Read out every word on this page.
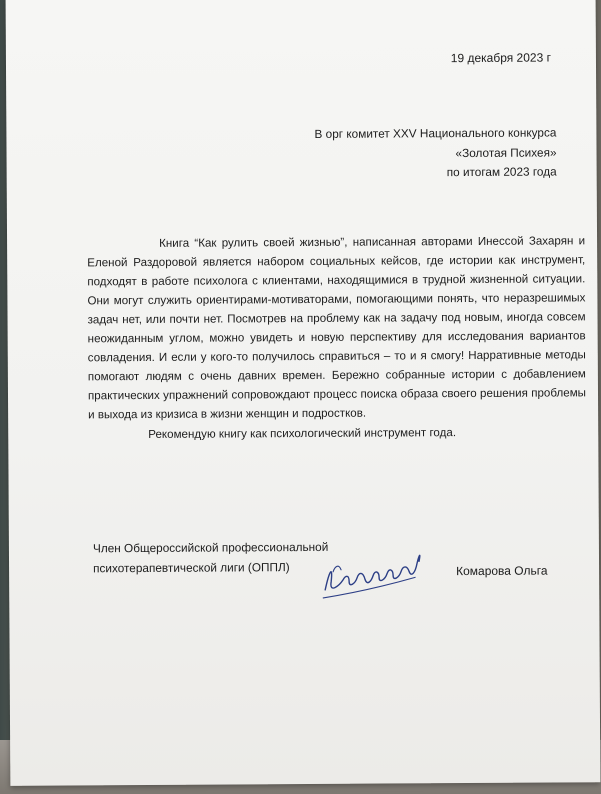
19 декабря 2023 г
В орг комитет XXV Национального конкурса
«Золотая Психея»
по итогам 2023 года

Книга “Как рулить своей жизнью”, написанная авторами Инессой Захарян и Еленой Раздоровой является набором социальных кейсов, где истории как инструмент, подходят в работе психолога с клиентами, находящимися в трудной жизненной ситуации. Они могут служить ориентирами-мотиваторами, помогающими понять, что неразрешимых задач нет, или почти нет. Посмотрев на проблему как на задачу под новым, иногда совсем неожиданным углом, можно увидеть и новую перспективу для исследования вариантов совладения. И если у кого-то получилось справиться – то и я смогу! Нарративные методы помогают людям с очень давних времен. Бережно собранные истории с добавлением практических упражнений сопровождают процесс поиска образа своего решения проблемы и выхода из кризиса в жизни женщин и подростков.

Рекомендую книгу как психологический инструмент года.

Член Общероссийской профессиональной
психотерапевтической лиги (ОППЛ)	Комарова Ольга
